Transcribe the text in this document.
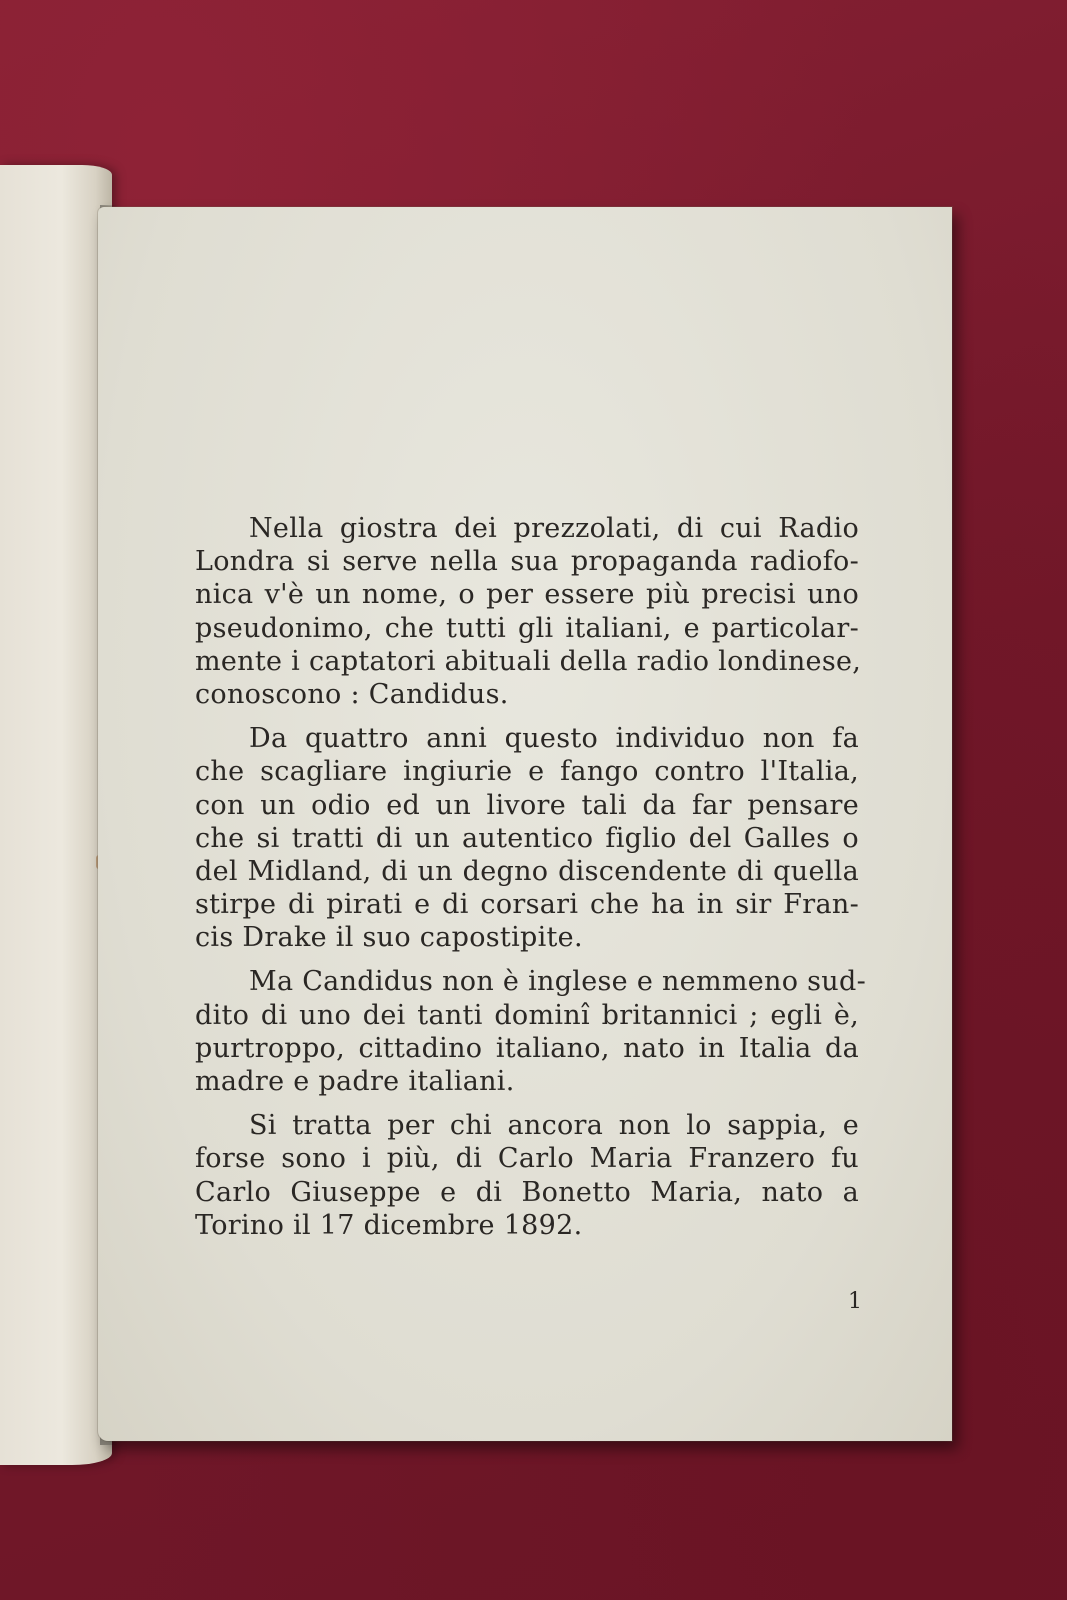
Nella giostra dei prezzolati, di cui Radio
Londra si serve nella sua propaganda radiofo-
nica v'è un nome, o per essere più precisi uno
pseudonimo, che tutti gli italiani, e particolar-
mente i captatori abituali della radio londinese,
conoscono : Candidus.

Da quattro anni questo individuo non fa
che scagliare ingiurie e fango contro l'Italia,
con un odio ed un livore tali da far pensare
che si tratti di un autentico figlio del Galles o
del Midland, di un degno discendente di quella
stirpe di pirati e di corsari che ha in sir Fran-
cis Drake il suo capostipite.

Ma Candidus non è inglese e nemmeno sud-
dito di uno dei tanti dominî britannici ; egli è,
purtroppo, cittadino italiano, nato in Italia da
madre e padre italiani.

Si tratta per chi ancora non lo sappia, e
forse sono i più, di Carlo Maria Franzero fu
Carlo Giuseppe e di Bonetto Maria, nato a
Torino il 17 dicembre 1892.

1
